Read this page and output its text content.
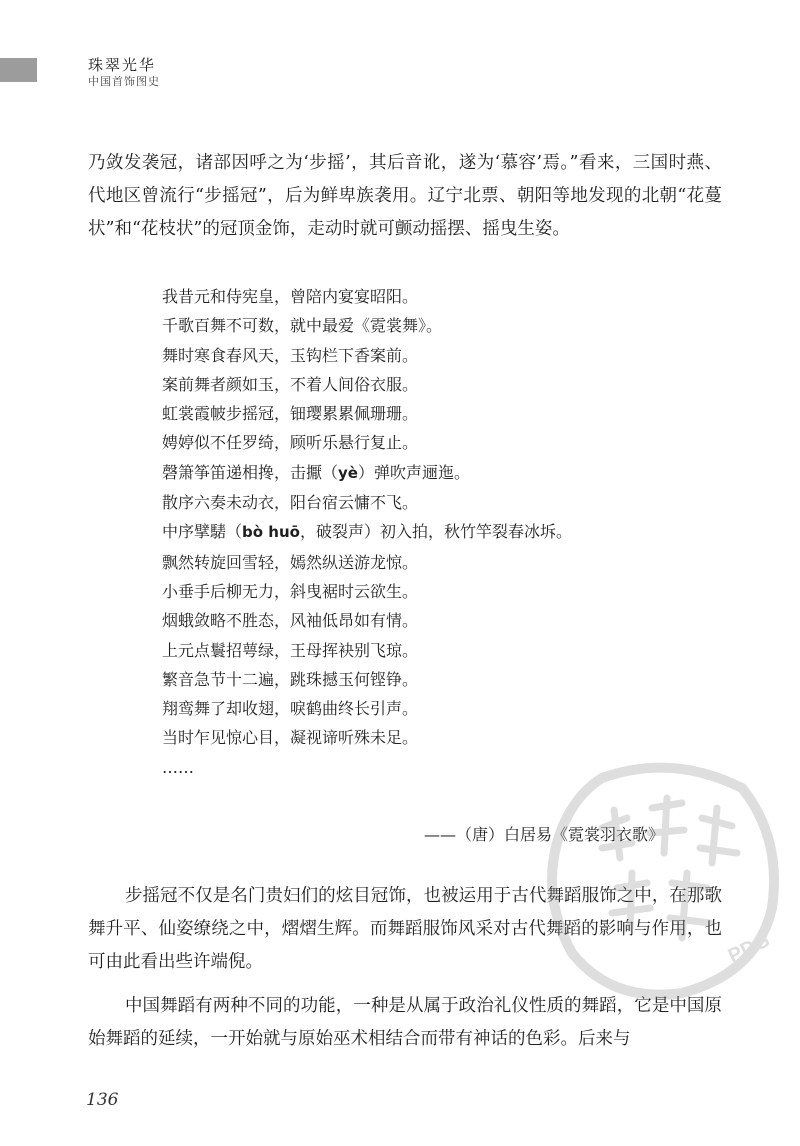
珠翠光华
中国首饰图史

乃敛发袭冠，诸部因呼之为‘步摇’，其后音讹，遂为‘慕容’焉。”看来，三国时燕、代地区曾流行“步摇冠”，后为鲜卑族袭用。辽宁北票、朝阳等地发现的北朝“花蔓状”和“花枝状”的冠顶金饰，走动时就可颤动摇摆、摇曳生姿。

我昔元和侍宪皇，曾陪内宴宴昭阳。
千歌百舞不可数，就中最爱《霓裳舞》。
舞时寒食春风天，玉钩栏下香案前。
案前舞者颜如玉，不着人间俗衣服。
虹裳霞帔步摇冠，钿璎累累佩珊珊。
娉婷似不任罗绮，顾听乐悬行复止。
磬箫筝笛递相搀，击擫（yè）弹吹声逦迤。
散序六奏未动衣，阳台宿云慵不飞。
中序擘騞（bò huō，破裂声）初入拍，秋竹竿裂春冰坼。
飘然转旋回雪轻，嫣然纵送游龙惊。
小垂手后柳无力，斜曳裾时云欲生。
烟蛾敛略不胜态，风袖低昂如有情。
上元点鬟招萼绿，王母挥袂别飞琼。
繁音急节十二遍，跳珠撼玉何铿铮。
翔鸾舞了却收翅，唳鹤曲终长引声。
当时乍见惊心目，凝视谛听殊未足。
……
——（唐）白居易《霓裳羽衣歌》

步摇冠不仅是名门贵妇们的炫目冠饰，也被运用于古代舞蹈服饰之中，在那歌舞升平、仙姿缭绕之中，熠熠生辉。而舞蹈服饰风采对古代舞蹈的影响与作用，也可由此看出些许端倪。

中国舞蹈有两种不同的功能，一种是从属于政治礼仪性质的舞蹈，它是中国原始舞蹈的延续，一开始就与原始巫术相结合而带有神话的色彩。后来与

PDG
136
